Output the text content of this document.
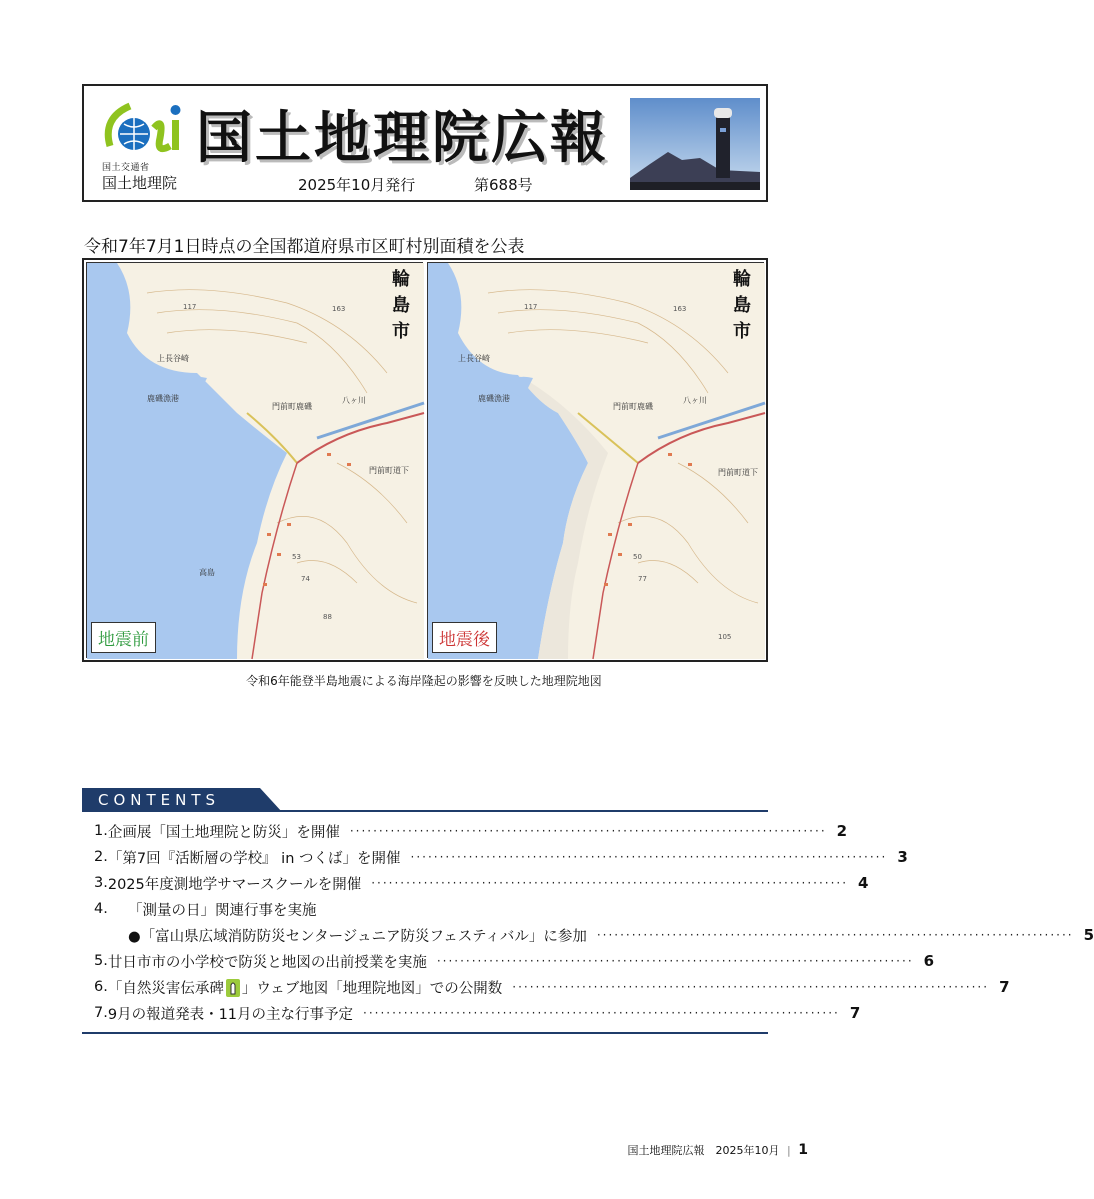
国土交通省
国土地理院
国土地理院広報
2025年10月発行	第688号
令和7年7月1日時点の全国都道府県市区町村別面積を公表
上長谷崎
鹿磯漁港
門前町鹿磯
八ヶ川
門前町道下
高島
117	163
74
53
88
輪
島
市
地震前
上長谷崎
鹿磯漁港
門前町鹿磯
八ヶ川
門前町道下
117	163
77
50
105
輪
島
市
地震後
令和6年能登半島地震による海岸隆起の影響を反映した地理院地図
CONTENTS
1. 企画展「国土地理院と防災」を開催 ·················································································· 2
2. 「第7回『活断層の学校』 in つくば」を開催 ·················································································· 3
3. 2025年度測地学サマースクールを開催 ·················································································· 4
4.	「測量の日」関連行事を実施
●「富山県広域消防防災センタージュニア防災フェスティバル」に参加 ·················································································· 5
5. 廿日市市の小学校で防災と地図の出前授業を実施 ·················································································· 6
6. 「自然災害伝承碑 」ウェブ地図「地理院地図」での公開数 ·················································································· 7
7. 9月の報道発表・11月の主な行事予定 ·················································································· 7
国土地理院広報　2025年10月 | 1
